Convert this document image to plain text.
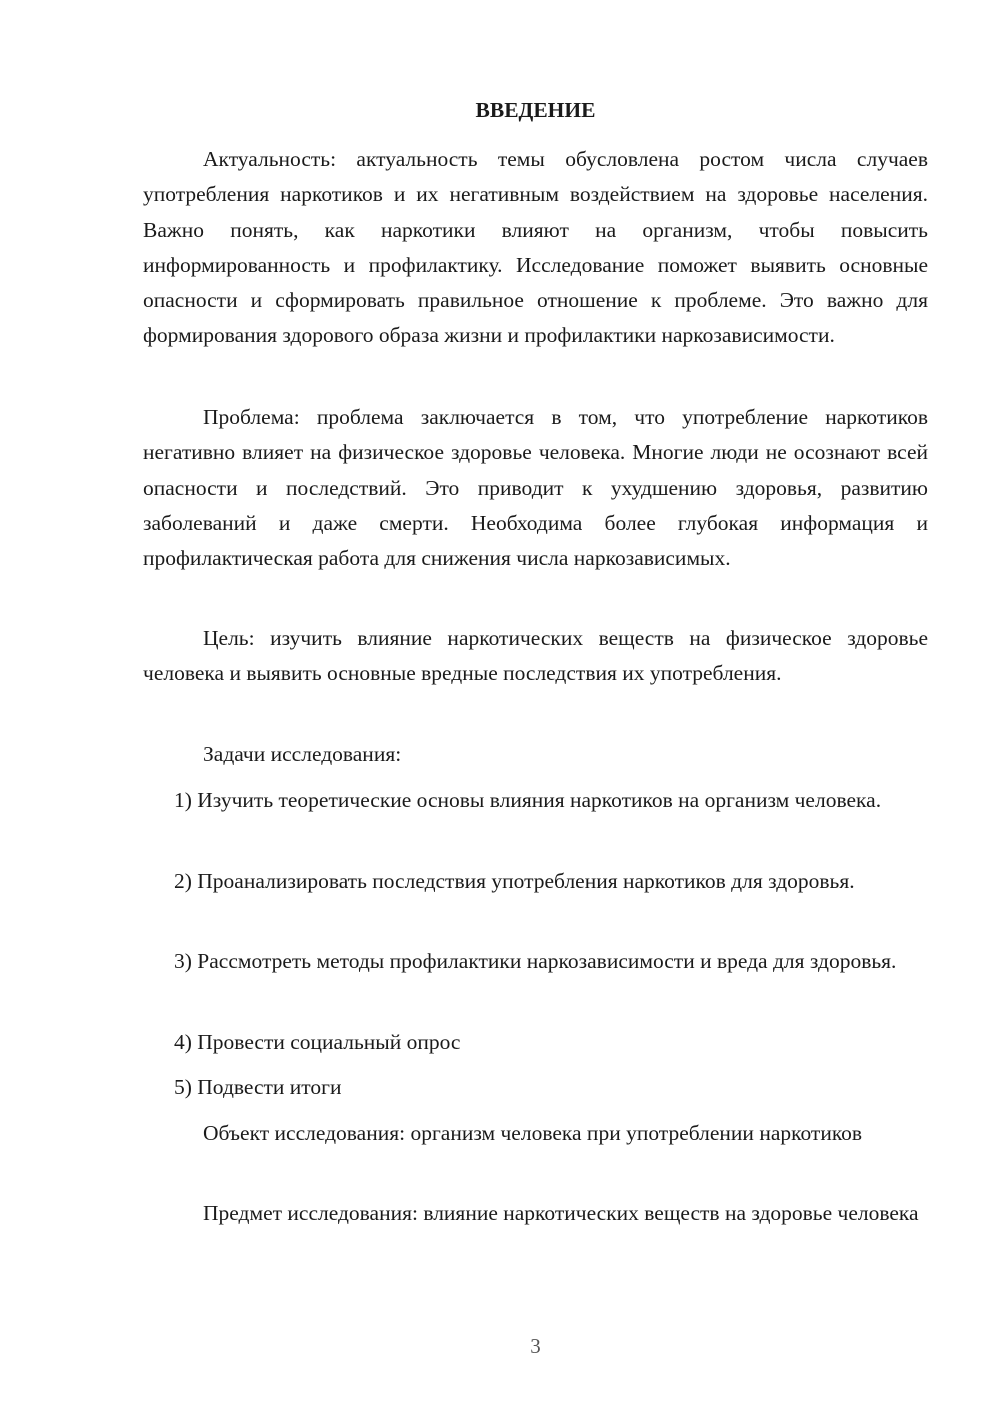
ВВЕДЕНИЕ

Актуальность: актуальность темы обусловлена ростом числа случаев употребления наркотиков и их негативным воздействием на здоровье населения. Важно понять, как наркотики влияют на организм, чтобы повысить информированность и профилактику. Исследование поможет выявить основные опасности и сформировать правильное отношение к проблеме. Это важно для формирования здорового образа жизни и профилактики наркозависимости.

Проблема: проблема заключается в том, что употребление наркотиков негативно влияет на физическое здоровье человека. Многие люди не осознают всей опасности и последствий. Это приводит к ухудшению здоровья, развитию заболеваний и даже смерти. Необходима более глубокая информация и профилактическая работа для снижения числа наркозависимых.

Цель: изучить влияние наркотических веществ на физическое здоровье человека и выявить основные вредные последствия их употребления.

Задачи исследования:

1) Изучить теоретические основы влияния наркотиков на организм человека.

2) Проанализировать последствия употребления наркотиков для здоровья.

3) Рассмотреть методы профилактики наркозависимости и вреда для здоровья.

4) Провести социальный опрос

5) Подвести итоги

Объект исследования: организм человека при употреблении наркотиков

Предмет исследования: влияние наркотических веществ на здоровье человека

3
